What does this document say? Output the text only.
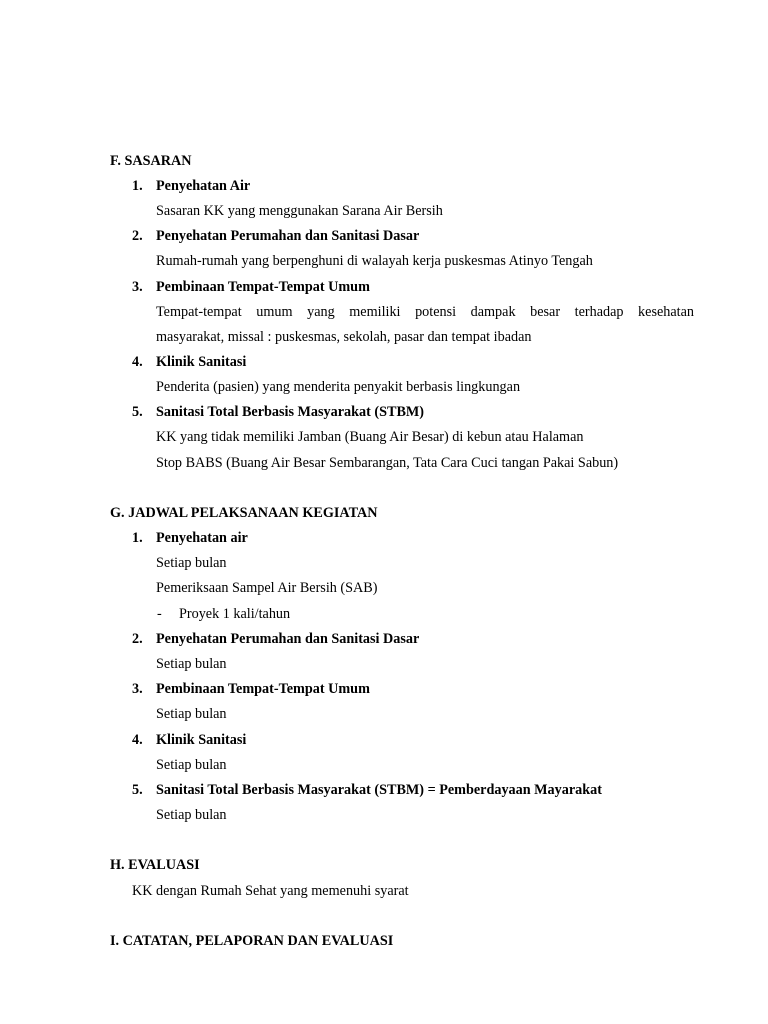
F. SASARAN
1. Penyehatan Air
Sasaran KK yang menggunakan Sarana Air Bersih
2. Penyehatan Perumahan dan Sanitasi Dasar
Rumah-rumah yang berpenghuni di walayah kerja puskesmas Atinyo Tengah
3. Pembinaan Tempat-Tempat Umum
Tempat-tempat umum yang memiliki potensi dampak besar terhadap kesehatan
masyarakat, missal : puskesmas, sekolah, pasar dan tempat ibadan
4. Klinik Sanitasi
Penderita (pasien) yang menderita penyakit berbasis lingkungan
5. Sanitasi Total Berbasis Masyarakat (STBM)
KK yang tidak memiliki Jamban (Buang Air Besar) di kebun atau Halaman
Stop BABS (Buang Air Besar Sembarangan, Tata Cara Cuci tangan Pakai Sabun)
G. JADWAL PELAKSANAAN KEGIATAN
1. Penyehatan air
Setiap bulan
Pemeriksaan Sampel Air Bersih (SAB)
- Proyek 1 kali/tahun
2. Penyehatan Perumahan dan Sanitasi Dasar
Setiap bulan
3. Pembinaan Tempat-Tempat Umum
Setiap bulan
4. Klinik Sanitasi
Setiap bulan
5. Sanitasi Total Berbasis Masyarakat (STBM) = Pemberdayaan Mayarakat
Setiap bulan
H. EVALUASI
KK dengan Rumah Sehat yang memenuhi syarat
I. CATATAN, PELAPORAN DAN EVALUASI
